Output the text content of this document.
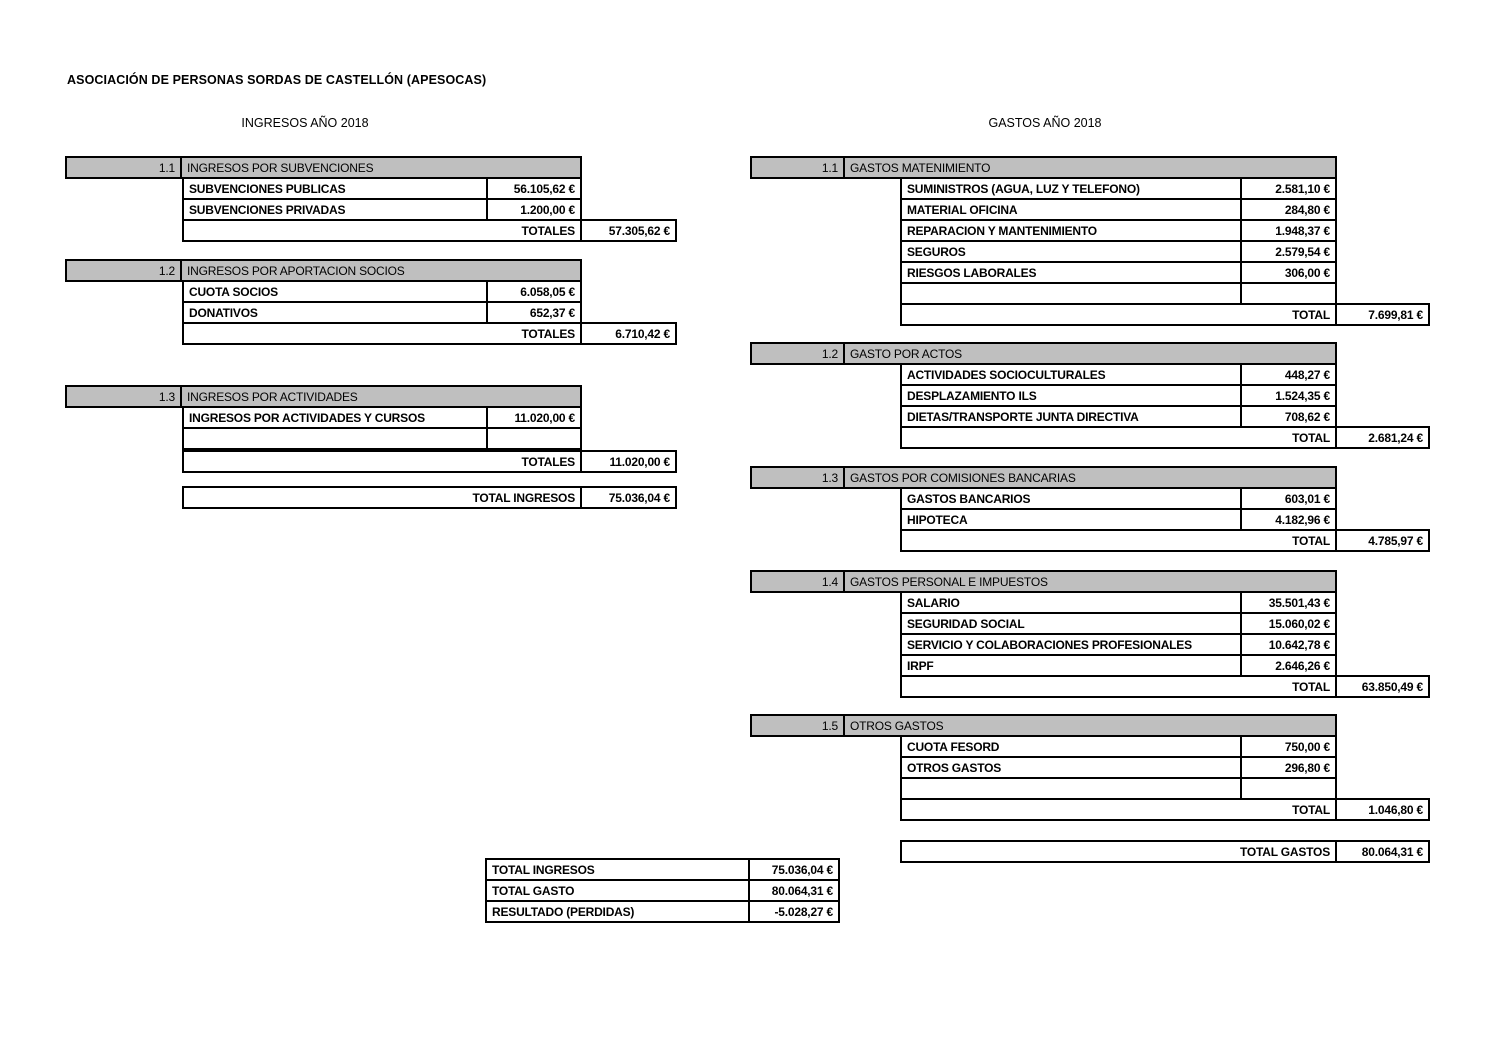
ASOCIACIÓN DE PERSONAS SORDAS DE CASTELLÓN (APESOCAS)
INGRESOS AÑO 2018	GASTOS AÑO 2018
1.1	INGRESOS POR SUBVENCIONES
SUBVENCIONES PUBLICAS	56.105,62 €
SUBVENCIONES PRIVADAS	1.200,00 €
TOTALES	57.305,62 €
1.2	INGRESOS POR APORTACION SOCIOS
CUOTA SOCIOS	6.058,05 €
DONATIVOS	652,37 €
TOTALES	6.710,42 €
1.3	INGRESOS POR ACTIVIDADES
INGRESOS POR ACTIVIDADES Y CURSOS	11.020,00 €
TOTALES	11.020,00 €
TOTAL INGRESOS	75.036,04 €
1.1	GASTOS MATENIMIENTO
SUMINISTROS (AGUA, LUZ Y TELEFONO)	2.581,10 €
MATERIAL OFICINA	284,80 €
REPARACION Y MANTENIMIENTO	1.948,37 €
SEGUROS	2.579,54 €
RIESGOS LABORALES	306,00 €
TOTAL	7.699,81 €
1.2	GASTO POR ACTOS
ACTIVIDADES SOCIOCULTURALES	448,27 €
DESPLAZAMIENTO ILS	1.524,35 €
DIETAS/TRANSPORTE JUNTA DIRECTIVA	708,62 €
TOTAL	2.681,24 €
1.3	GASTOS POR COMISIONES BANCARIAS
GASTOS BANCARIOS	603,01 €
HIPOTECA	4.182,96 €
TOTAL	4.785,97 €
1.4	GASTOS PERSONAL E IMPUESTOS
SALARIO	35.501,43 €
SEGURIDAD SOCIAL	15.060,02 €
SERVICIO Y COLABORACIONES PROFESIONALES	10.642,78 €
IRPF	2.646,26 €
TOTAL	63.850,49 €
1.5	OTROS GASTOS
CUOTA FESORD	750,00 €
OTROS GASTOS	296,80 €
TOTAL	1.046,80 €
TOTAL GASTOS	80.064,31 €
TOTAL INGRESOS	75.036,04 €
TOTAL GASTO	80.064,31 €
RESULTADO (PERDIDAS)	-5.028,27 €
